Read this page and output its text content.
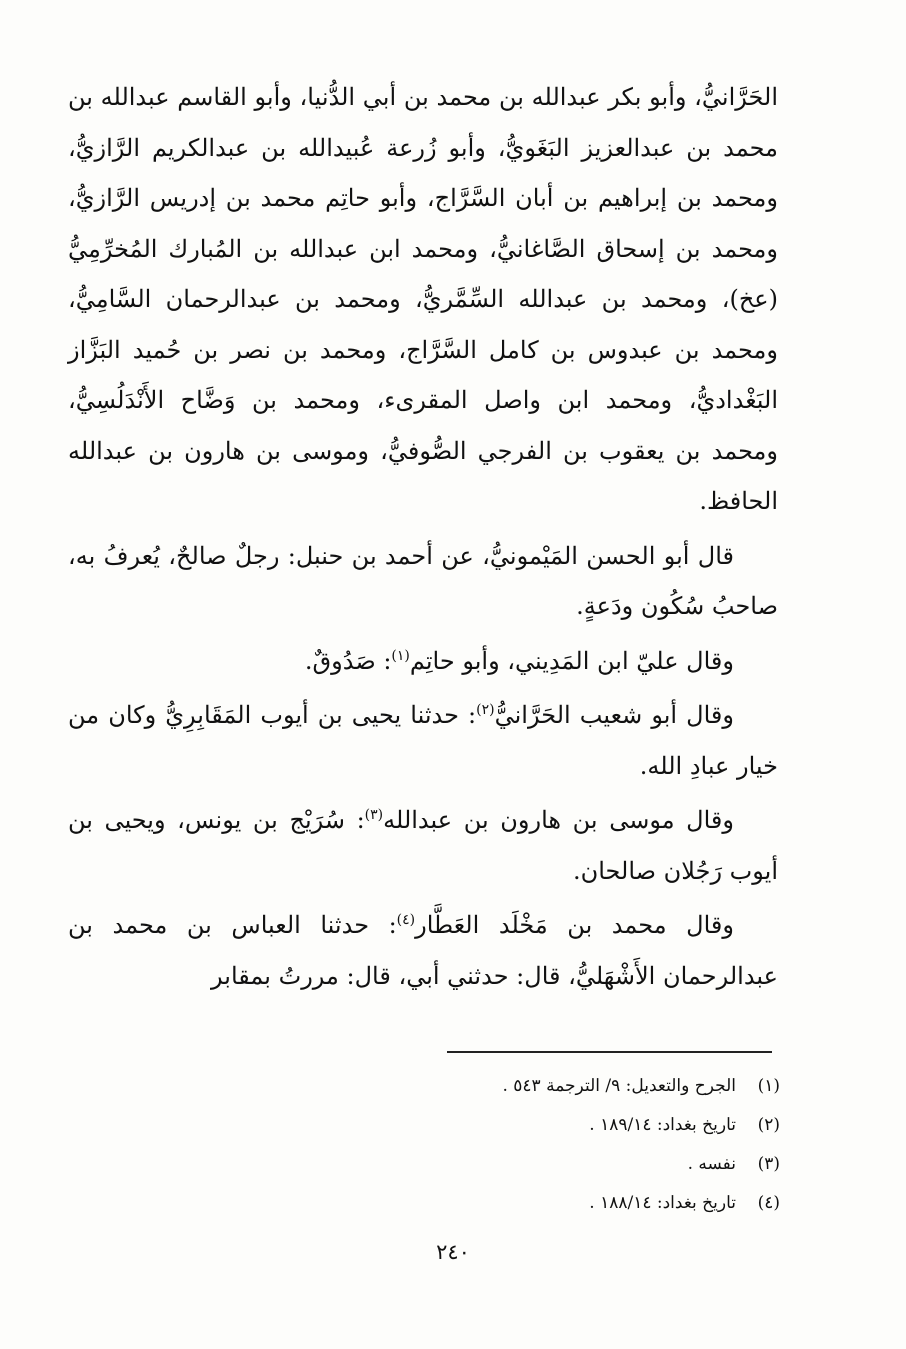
الحَرَّانيُّ، وأبو بكر عبدالله بن محمد بن أبي الدُّنيا، وأبو القاسم عبدالله بن محمد بن عبدالعزيز البَغَويُّ، وأبو زُرعة عُبيدالله بن عبدالكريم الرَّازيُّ، ومحمد بن إبراهيم بن أبان السَّرَّاج، وأبو حاتِم محمد بن إدريس الرَّازيُّ، ومحمد بن إسحاق الصَّاغانيُّ، ومحمد ابن عبدالله بن المُبارك المُخرِّمِيُّ (عخ)، ومحمد بن عبدالله السِّمَّريُّ، ومحمد بن عبدالرحمان السَّامِيُّ، ومحمد بن عبدوس بن كامل السَّرَّاج، ومحمد بن نصر بن حُميد البَزَّاز البَغْداديُّ، ومحمد ابن واصل المقرىء، ومحمد بن وَضَّاح الأَنْدَلُسِيُّ، ومحمد بن يعقوب بن الفرجي الصُّوفيُّ، وموسى بن هارون بن عبدالله الحافظ.

قال أبو الحسن المَيْمونيُّ، عن أحمد بن حنبل: رجلٌ صالحٌ، يُعرفُ به، صاحبُ سُكُون ودَعةٍ.

وقال عليّ ابن المَدِيني، وأبو حاتِم$^{(١)}$: صَدُوقٌ.

وقال أبو شعيب الحَرَّانيُّ$^{(٢)}$: حدثنا يحيى بن أيوب المَقَابِرِيُّ وكان من خيار عبادِ الله.

وقال موسى بن هارون بن عبدالله$^{(٣)}$: سُرَيْج بن يونس، ويحيى بن أيوب رَجُلان صالحان.

وقال محمد بن مَخْلَد العَطَّار$^{(٤)}$: حدثنا العباس بن محمد بن عبدالرحمان الأَشْهَليُّ، قال: حدثني أبي، قال: مررتُ بمقابر

(١)
الجرح والتعديل: ٩/ الترجمة ٥٤٣ .
(٢)
تاريخ بغداد: ١٨٩/١٤ .
(٣)
نفسه .
(٤)
تاريخ بغداد: ١٨٨/١٤ .
٢٤٠
